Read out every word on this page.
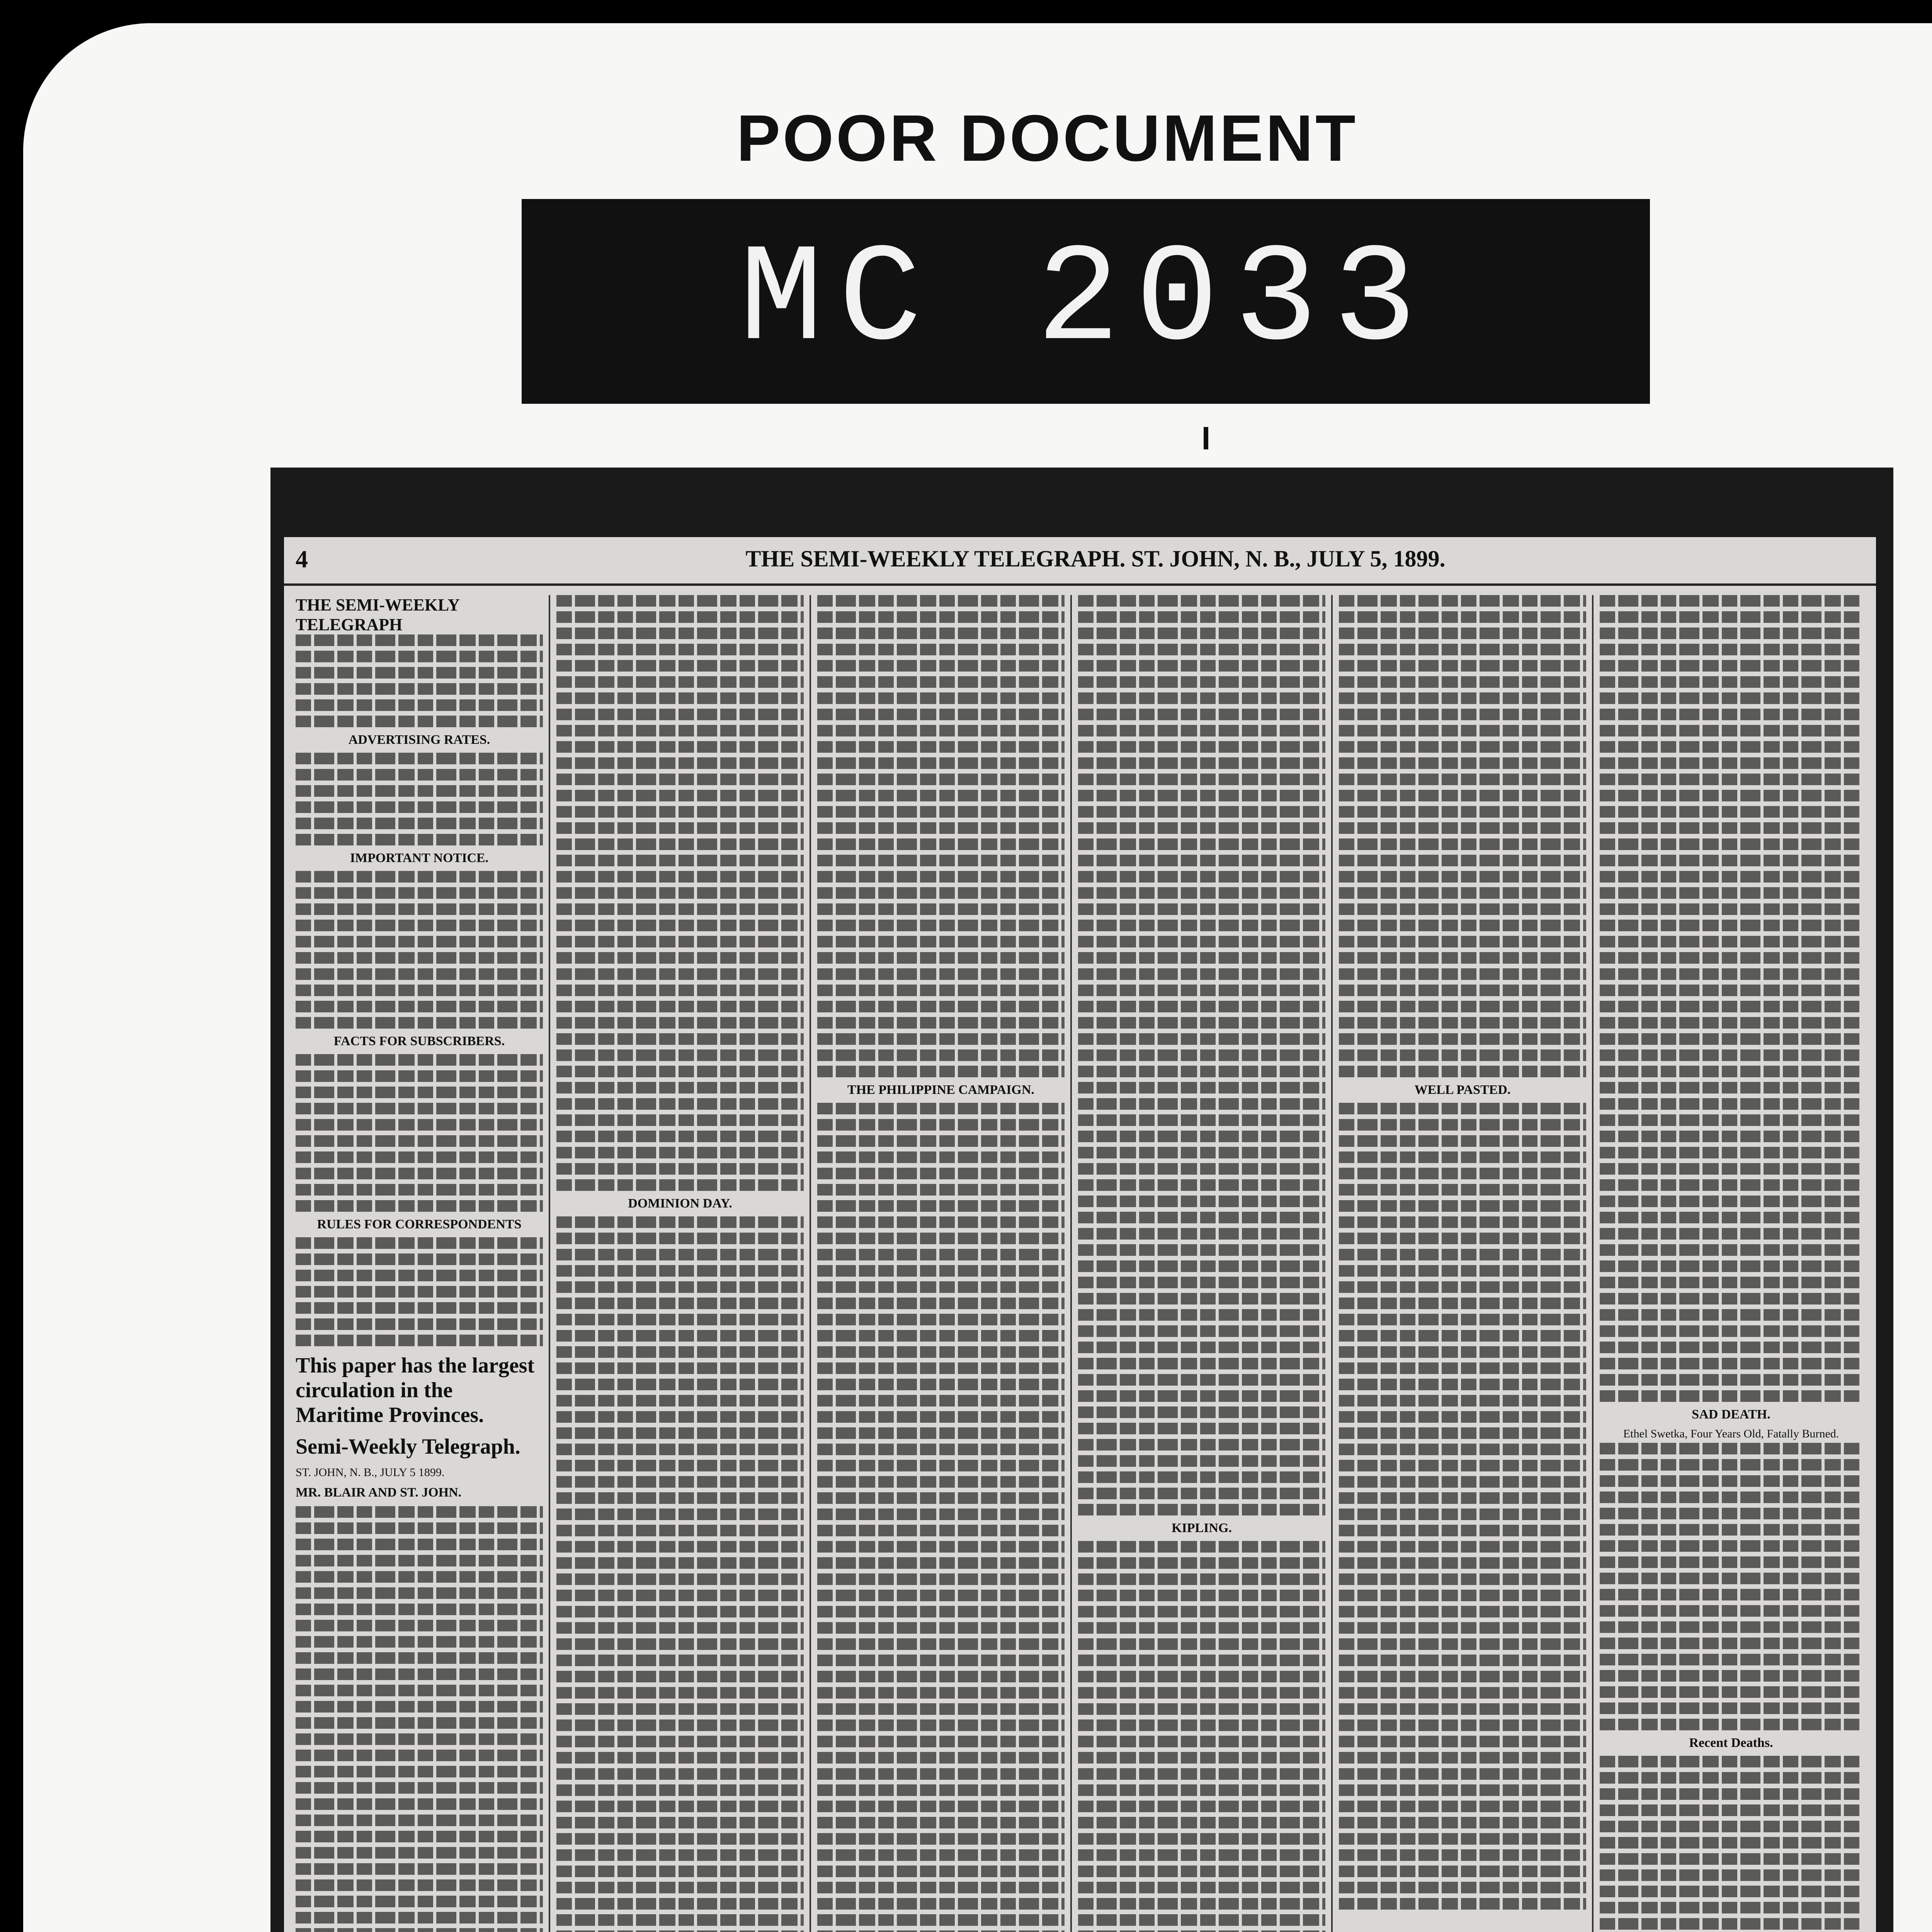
POOR DOCUMENT
MC 2033
4	THE SEMI-WEEKLY TELEGRAPH. ST. JOHN, N. B., JULY 5, 1899.
THE SEMI-WEEKLY TELEGRAPH
ADVERTISING RATES.
IMPORTANT NOTICE.
FACTS FOR SUBSCRIBERS.
RULES FOR CORRESPONDENTS
This paper has the largest circulation in the Maritime Provinces.
Semi-Weekly Telegraph.
ST. JOHN, N. B., JULY 5 1899.
MR. BLAIR AND ST. JOHN.
DOMINION DAY.
THE PHILIPPINE CAMPAIGN.
KIPLING.
WELL PASTED.
SAD DEATH.
Ethel Swetka, Four Years Old, Fatally Burned.
Recent Deaths.
